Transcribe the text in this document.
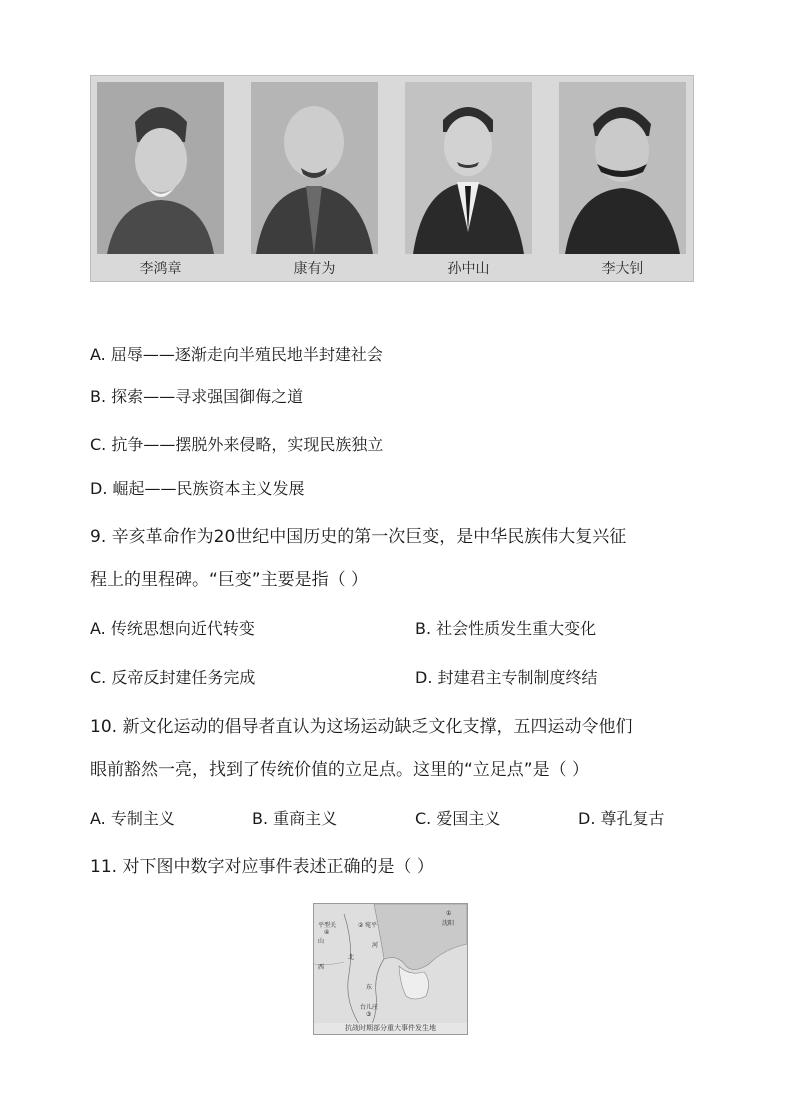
李鸿章	康有为	孙中山	李大钊
A. 屈辱——逐渐走向半殖民地半封建社会
B. 探索——寻求强国御侮之道
C. 抗争——摆脱外来侵略，实现民族独立
D. 崛起——民族资本主义发展
9. 辛亥革命作为20世纪中国历史的第一次巨变，是中华民族伟大复兴征
程上的里程碑。“巨变”主要是指（ ）
A. 传统思想向近代转变	B. 社会性质发生重大变化
C. 反帝反封建任务完成	D. 封建君主专制制度终结
10. 新文化运动的倡导者直认为这场运动缺乏文化支撑，五四运动令他们
眼前豁然一亮，找到了传统价值的立足点。这里的“立足点”是（ ）
A. 专制主义	B. 重商主义	C. 爱国主义	D. 尊孔复古
11. 对下图中数字对应事件表述正确的是（ ）
平型关
④
宛平
②
①
沈阳
山
西
北
河
东
台儿庄
③
抗战时期部分重大事件发生地
